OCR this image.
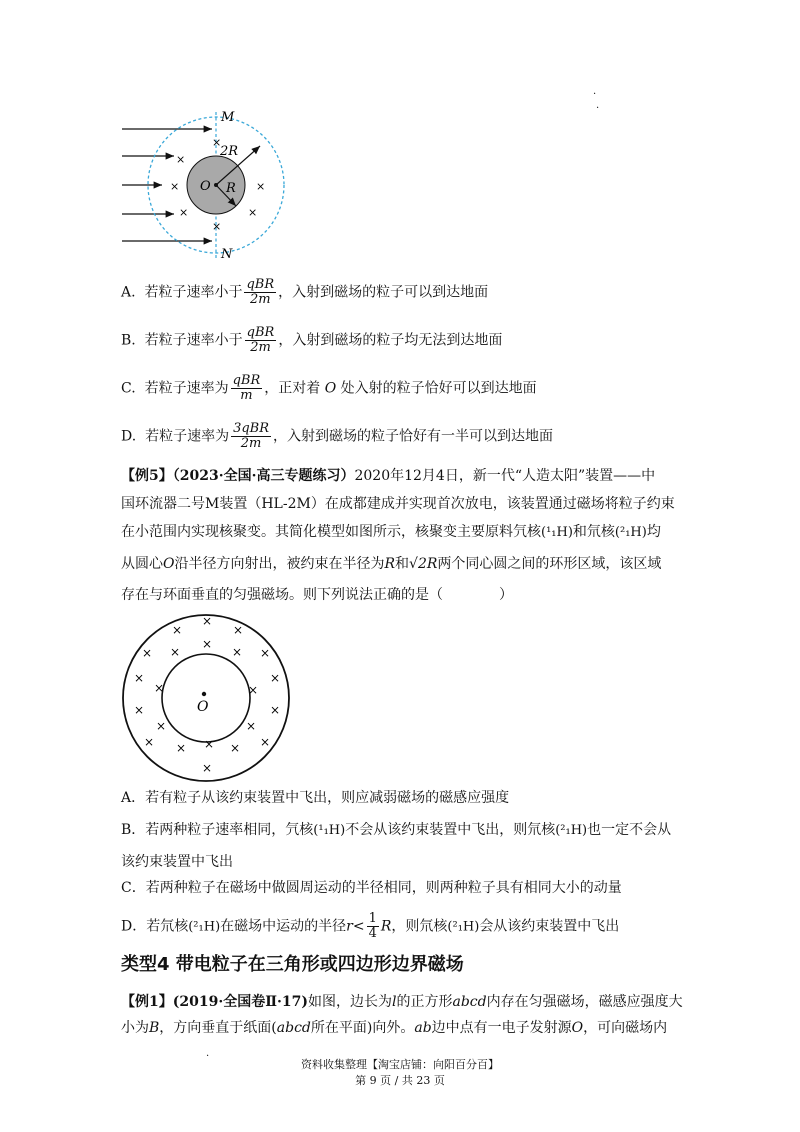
×
×
×
×
×
×
×
M
N
O R
2R
.
.
A. 若粒子速率小于 $\frac{\text{qBR}}{2m}$ ，入射到磁场的粒子可以到达地面
B. 若粒子速率小于 $\frac{\text{qBR}}{2m}$ ，入射到磁场的粒子均无法到达地面
C. 若粒子速率为 $\frac{\text{qBR}}{m}$ ，正对着 O 处入射的粒子恰好可以到达地面
D. 若粒子速率为 $\frac{\text{3qBR}}{2m}$ ，入射到磁场的粒子恰好有一半可以到达地面
【例5】（2023·全国·高三专题练习）2020年12月4日，新一代“人造太阳”装置——中
国环流器二号M装置（HL-2M）在成都建成并实现首次放电，该装置通过磁场将粒子约束
在小范围内实现核聚变。其简化模型如图所示，核聚变主要原料氕核(¹₁H)和氘核(²₁H)均
从圆心O沿半径方向射出，被约束在半径为R和√2R两个同心圆之间的环形区域，该区域
存在与环面垂直的匀强磁场。则下列说法正确的是（　　　　）
O
×
×
×
× ×
×
× ×
×
×
×
×
×	×
×	×
× × × × ×
×
A．若有粒子从该约束装置中飞出，则应减弱磁场的磁感应强度
B．若两种粒子速率相同，氕核(¹₁H)不会从该约束装置中飞出，则氘核(²₁H)也一定不会从
该约束装置中飞出
C．若两种粒子在磁场中做圆周运动的半径相同，则两种粒子具有相同大小的动量
D．若氘核(²₁H)在磁场中运动的半径$r< \frac{1}{4}$ R，则氘核(²₁H)会从该约束装置中飞出
类型4 带电粒子在三角形或四边形边界磁场
【例1】(2019·全国卷Ⅱ·17)如图，边长为l的正方形abcd内存在匀强磁场，磁感应强度大
小为B，方向垂直于纸面(abcd所在平面)向外。ab边中点有一电子发射源O，可向磁场内
.
资料收集整理【淘宝店铺：向阳百分百】
第 9 页 / 共 23 页
